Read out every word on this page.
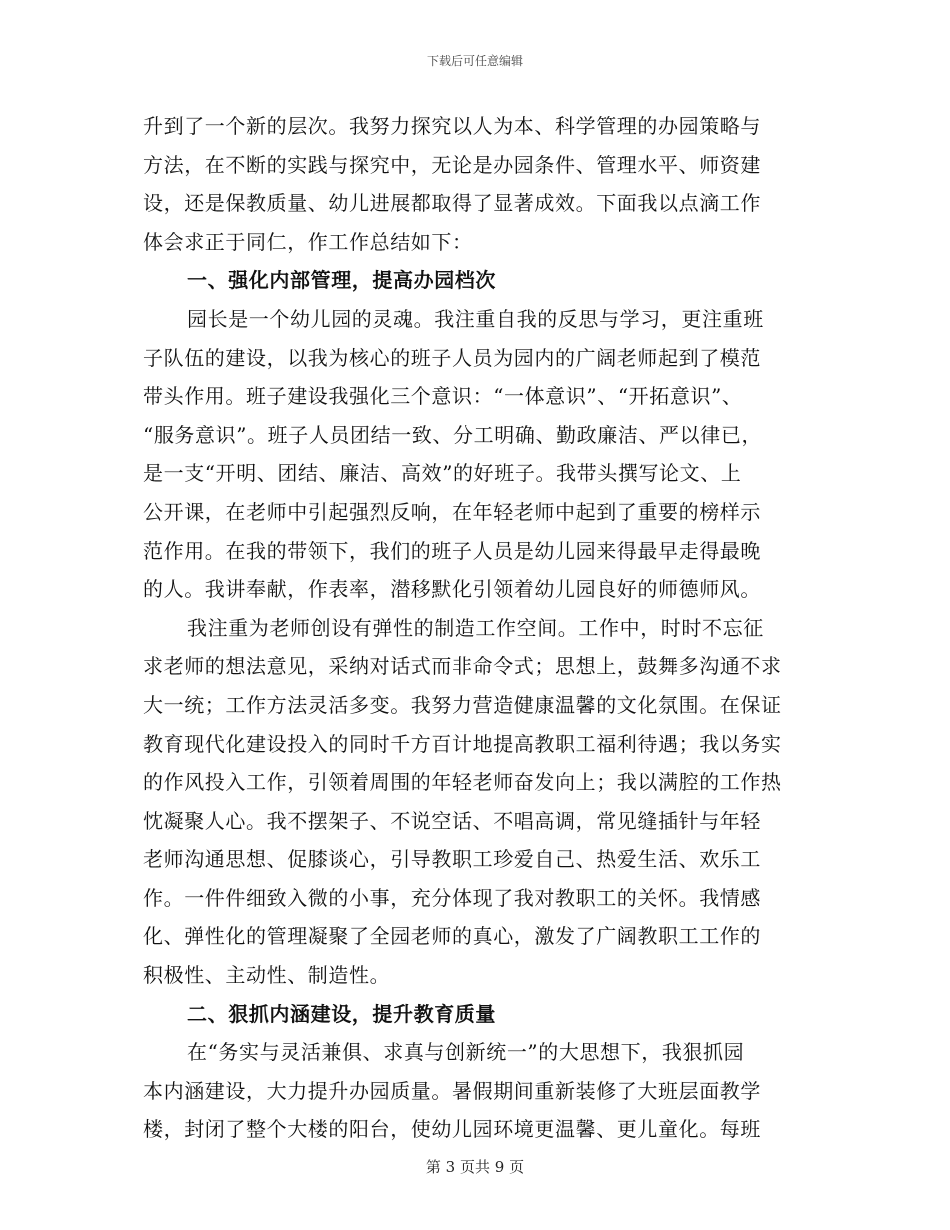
下载后可任意编辑
升到了一个新的层次。我努力探究以人为本、科学管理的办园策略与
方法，在不断的实践与探究中，无论是办园条件、管理水平、师资建
设，还是保教质量、幼儿进展都取得了显著成效。下面我以点滴工作
体会求正于同仁，作工作总结如下：
一、强化内部管理，提高办园档次
园长是一个幼儿园的灵魂。我注重自我的反思与学习，更注重班
子队伍的建设，以我为核心的班子人员为园内的广阔老师起到了模范
带头作用。班子建设我强化三个意识：“一体意识”、“开拓意识”、
“服务意识”。班子人员团结一致、分工明确、勤政廉洁、严以律已，
是一支“开明、团结、廉洁、高效”的好班子。我带头撰写论文、上
公开课，在老师中引起强烈反响，在年轻老师中起到了重要的榜样示
范作用。在我的带领下，我们的班子人员是幼儿园来得最早走得最晚
的人。我讲奉献，作表率，潜移默化引领着幼儿园良好的师德师风。
我注重为老师创设有弹性的制造工作空间。工作中，时时不忘征
求老师的想法意见，采纳对话式而非命令式；思想上，鼓舞多沟通不求
大一统；工作方法灵活多变。我努力营造健康温馨的文化氛围。在保证
教育现代化建设投入的同时千方百计地提高教职工福利待遇；我以务实
的作风投入工作，引领着周围的年轻老师奋发向上；我以满腔的工作热
忱凝聚人心。我不摆架子、不说空话、不唱高调，常见缝插针与年轻
老师沟通思想、促膝谈心，引导教职工珍爱自己、热爱生活、欢乐工
作。一件件细致入微的小事，充分体现了我对教职工的关怀。我情感
化、弹性化的管理凝聚了全园老师的真心，激发了广阔教职工工作的
积极性、主动性、制造性。
二、狠抓内涵建设，提升教育质量
在“务实与灵活兼俱、求真与创新统一”的大思想下，我狠抓园
本内涵建设，大力提升办园质量。暑假期间重新装修了大班层面教学
楼，封闭了整个大楼的阳台，使幼儿园环境更温馨、更儿童化。每班
第 3 页共 9 页
